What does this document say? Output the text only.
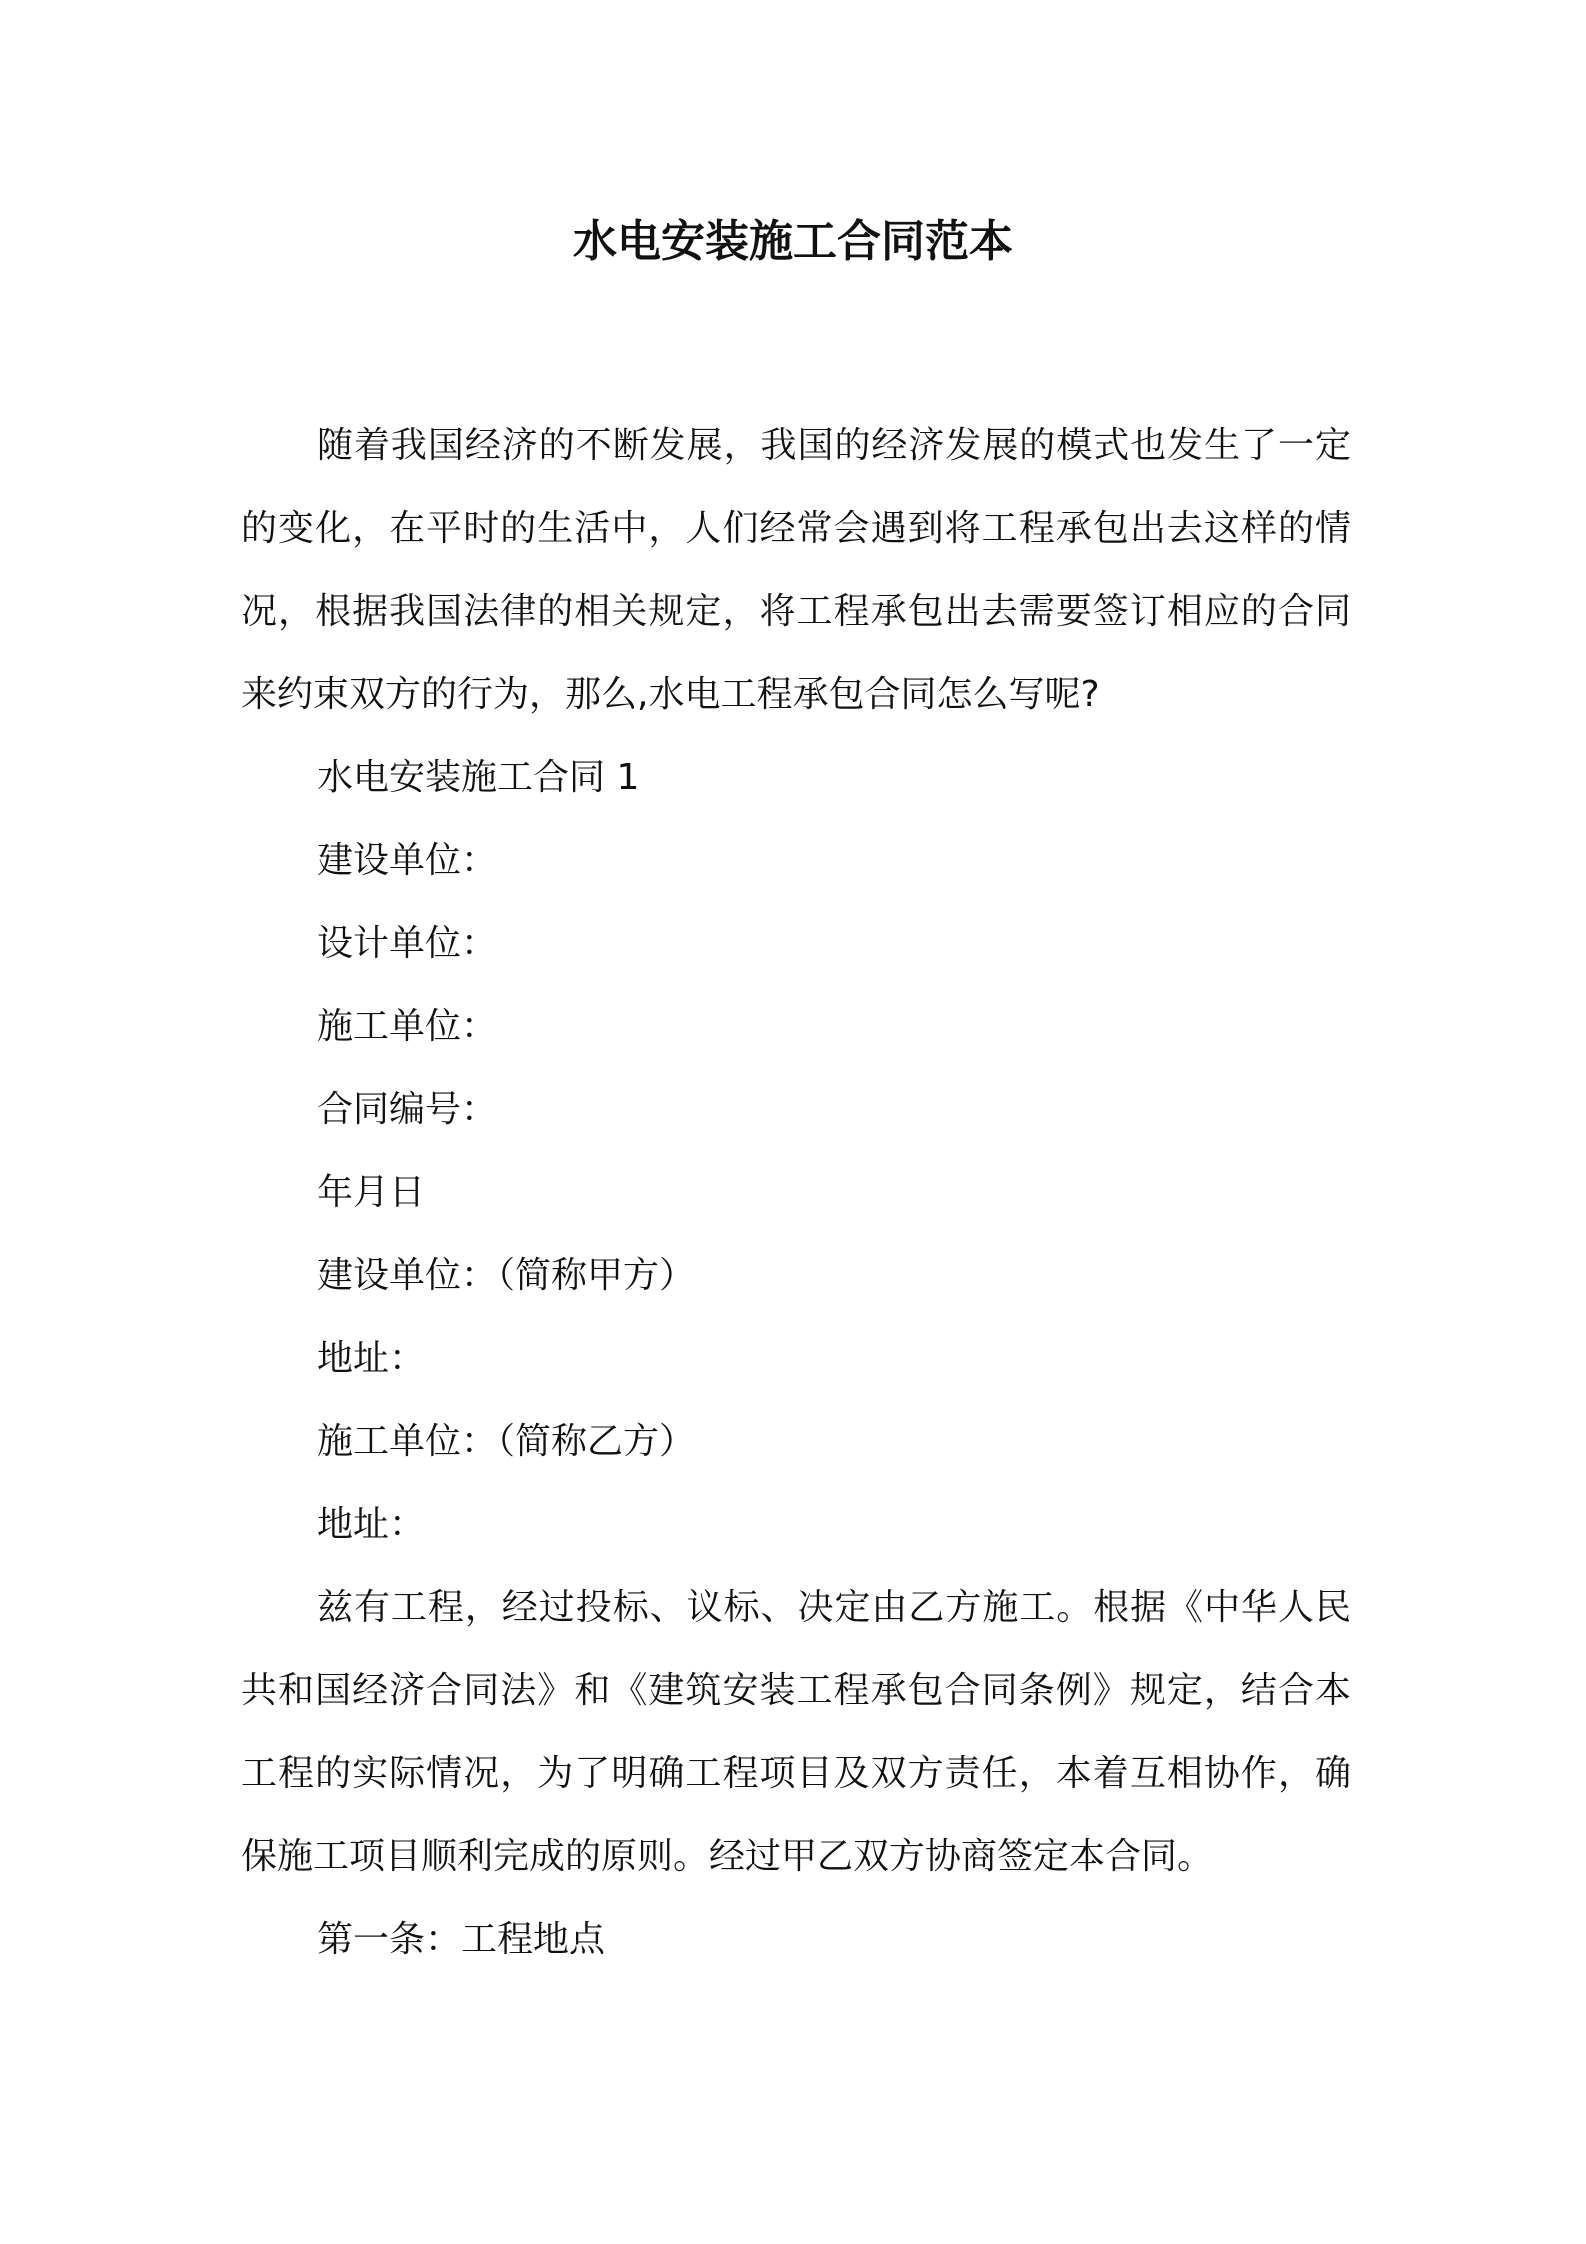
水电安装施工合同范本

随着我国经济的不断发展，我国的经济发展的模式也发生了一定的变化，在平时的生活中，人们经常会遇到将工程承包出去这样的情况，根据我国法律的相关规定，将工程承包出去需要签订相应的合同来约束双方的行为，那么,水电工程承包合同怎么写呢?

水电安装施工合同 1

建设单位：

设计单位：

施工单位：

合同编号：

年月日

建设单位：（简称甲方）

地址：

施工单位：（简称乙方）

地址：

兹有工程，经过投标、议标、决定由乙方施工。根据《中华人民共和国经济合同法》和《建筑安装工程承包合同条例》规定，结合本工程的实际情况，为了明确工程项目及双方责任，本着互相协作，确保施工项目顺利完成的原则。经过甲乙双方协商签定本合同。

第一条：工程地点
